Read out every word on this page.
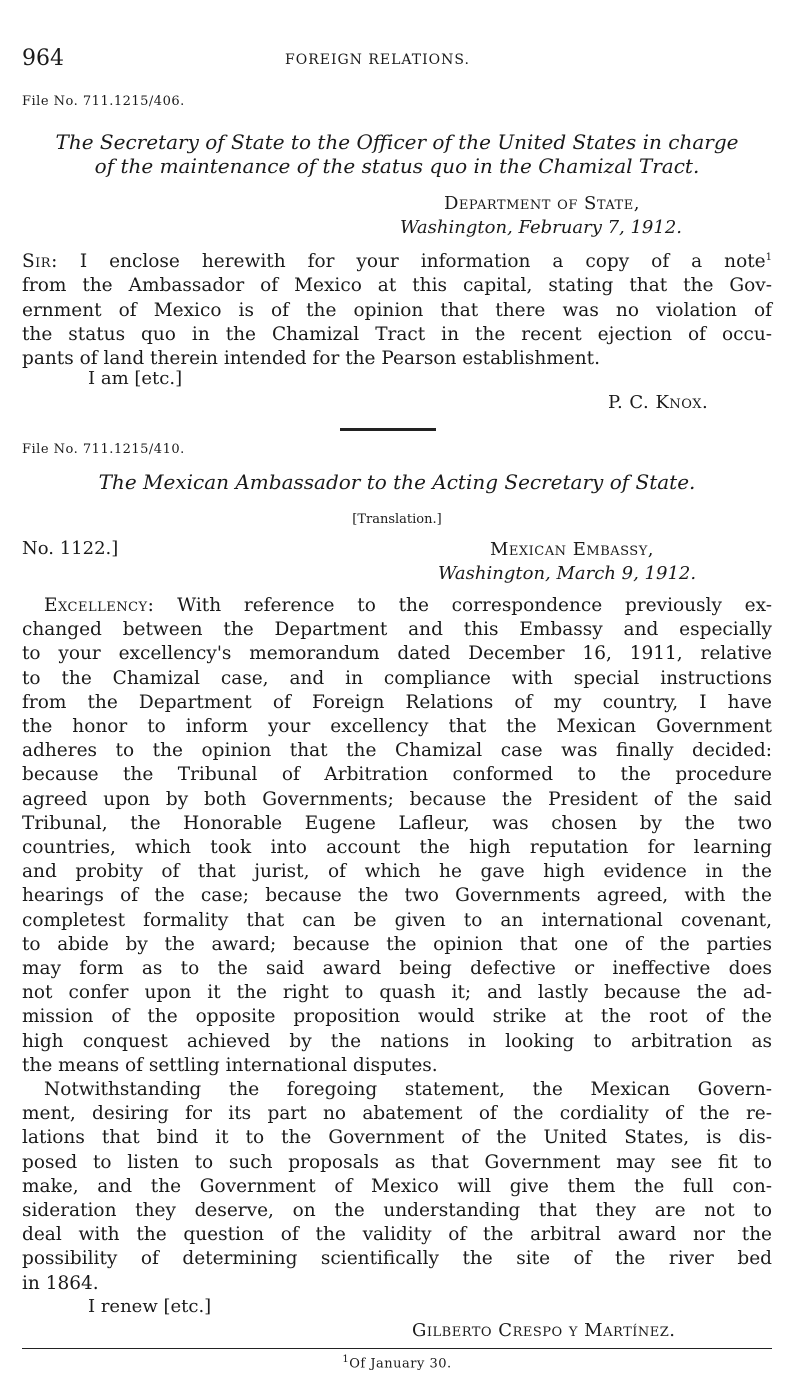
964	FOREIGN RELATIONS.
File No. 711.1215/406.
The Secretary of State to the Officer of the United States in charge
of the maintenance of the status quo in the Chamizal Tract.
Department of State,
Washington, February 7, 1912.
Sir: I enclose herewith for your information a copy of a note$^1$
from the Ambassador of Mexico at this capital, stating that the Gov-
ernment of Mexico is of the opinion that there was no violation of
the status quo in the Chamizal Tract in the recent ejection of occu-
pants of land therein intended for the Pearson establishment.
I am [etc.]
P. C. Knox.
File No. 711.1215/410.
The Mexican Ambassador to the Acting Secretary of State.
[Translation.]
No. 1122.]	Mexican Embassy,
Washington, March 9, 1912.
Excellency: With reference to the correspondence previously ex-
changed between the Department and this Embassy and especially
to your excellency's memorandum dated December 16, 1911, relative
to the Chamizal case, and in compliance with special instructions
from the Department of Foreign Relations of my country, I have
the honor to inform your excellency that the Mexican Government
adheres to the opinion that the Chamizal case was finally decided:
because the Tribunal of Arbitration conformed to the procedure
agreed upon by both Governments; because the President of the said
Tribunal, the Honorable Eugene Lafleur, was chosen by the two
countries, which took into account the high reputation for learning
and probity of that jurist, of which he gave high evidence in the
hearings of the case; because the two Governments agreed, with the
completest formality that can be given to an international covenant,
to abide by the award; because the opinion that one of the parties
may form as to the said award being defective or ineffective does
not confer upon it the right to quash it; and lastly because the ad-
mission of the opposite proposition would strike at the root of the
high conquest achieved by the nations in looking to arbitration as
the means of settling international disputes.
Notwithstanding the foregoing statement, the Mexican Govern-
ment, desiring for its part no abatement of the cordiality of the re-
lations that bind it to the Government of the United States, is dis-
posed to listen to such proposals as that Government may see fit to
make, and the Government of Mexico will give them the full con-
sideration they deserve, on the understanding that they are not to
deal with the question of the validity of the arbitral award nor the
possibility of determining scientifically the site of the river bed
in 1864.
I renew [etc.]
Gilberto Crespo y Martínez.
$^1$Of January 30.
